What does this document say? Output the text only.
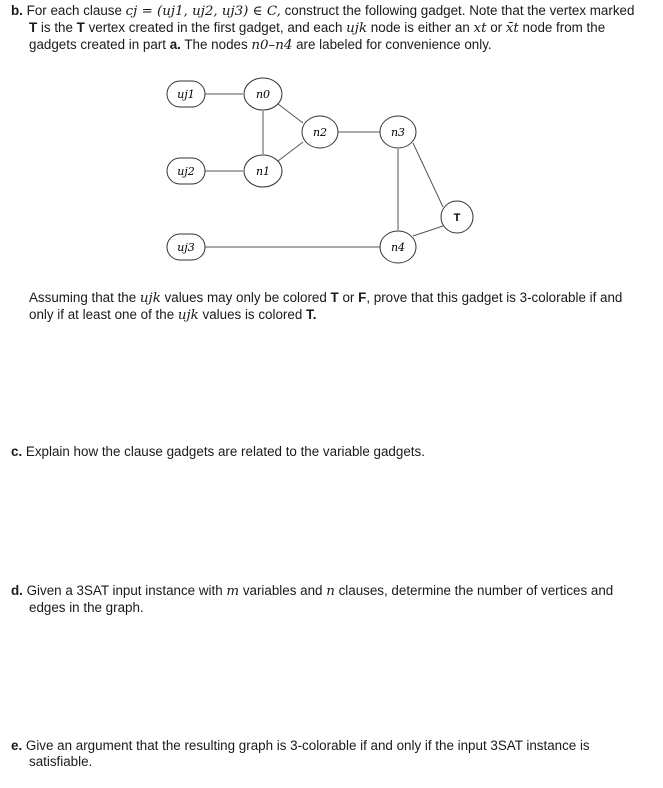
b. For each clause cj = (uj1, uj2, uj3) ∈ C, construct the following gadget. Note that the vertex marked T is the T vertex created in the first gadget, and each ujk node is either an xt or x̄t node from the gadgets created in part a. The nodes n0–n4 are labeled for convenience only.
uj1	n0
n2	n3
uj2	n1
T
uj3	n4
Assuming that the ujk values may only be colored T or F, prove that this gadget is 3-colorable if and only if at least one of the ujk values is colored T.
c. Explain how the clause gadgets are related to the variable gadgets.
d. Given a 3SAT input instance with m variables and n clauses, determine the number of vertices and edges in the graph.
e. Give an argument that the resulting graph is 3-colorable if and only if the input 3SAT instance is satisfiable.
